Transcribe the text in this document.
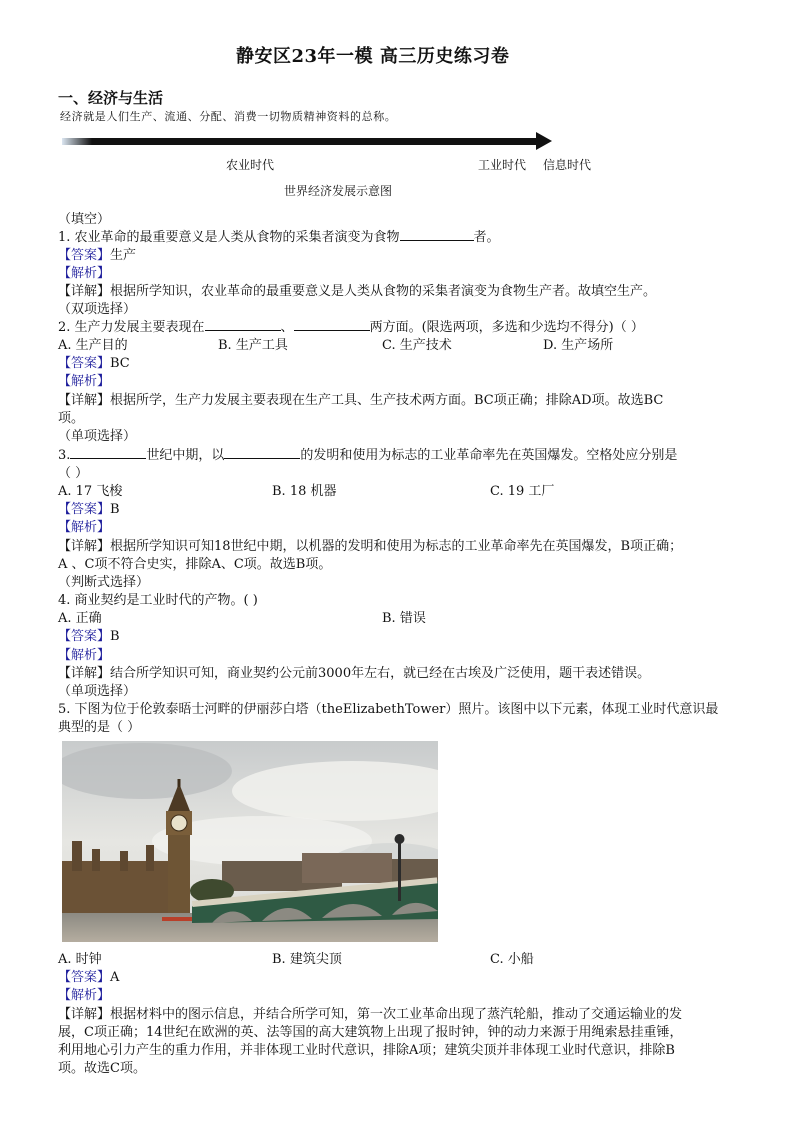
静安区23年一模 高三历史练习卷
一、经济与生活
经济就是人们生产、流通、分配、消费一切物质精神资料的总称。
农业时代	工业时代 信息时代
世界经济发展示意图
（填空）
1. 农业革命的最重要意义是人类从食物的采集者演变为食物	者。
【答案】生产
【解析】
【详解】根据所学知识，农业革命的最重要意义是人类从食物的采集者演变为食物生产者。故填空生产。
（双项选择）
2. 生产力发展主要表现在	、	两方面。(限选两项，多选和少选均不得分)（ ）
A. 生产目的	B. 生产工具	C. 生产技术	D. 生产场所
【答案】BC
【解析】
【详解】根据所学，生产力发展主要表现在生产工具、生产技术两方面。BC项正确；排除AD项。故选BC
项。
（单项选择）
3.	世纪中期，以	的发明和使用为标志的工业革命率先在英国爆发。空格处应分别是
（ ）
A. 17 飞梭	B. 18 机器	C. 19 工厂
【答案】B
【解析】
【详解】根据所学知识可知18世纪中期，以机器的发明和使用为标志的工业革命率先在英国爆发，B项正确；
A 、C项不符合史实，排除A、C项。故选B项。
（判断式选择）
4. 商业契约是工业时代的产物。( )
A. 正确	B. 错误
【答案】B
【解析】
【详解】结合所学知识可知，商业契约公元前3000年左右，就已经在古埃及广泛使用，题干表述错误。
（单项选择）
5. 下图为位于伦敦泰晤士河畔的伊丽莎白塔（theElizabethTower）照片。该图中以下元素，体现工业时代意识最
典型的是（ ）
A. 时钟	B. 建筑尖顶	C. 小船
【答案】A
【解析】
【详解】根据材料中的图示信息，并结合所学可知，第一次工业革命出现了蒸汽轮船，推动了交通运输业的发
展，C项正确；14世纪在欧洲的英、法等国的高大建筑物上出现了报时钟，钟的动力来源于用绳索悬挂重锤，
利用地心引力产生的重力作用，并非体现工业时代意识，排除A项；建筑尖顶并非体现工业时代意识，排除B
项。故选C项。
